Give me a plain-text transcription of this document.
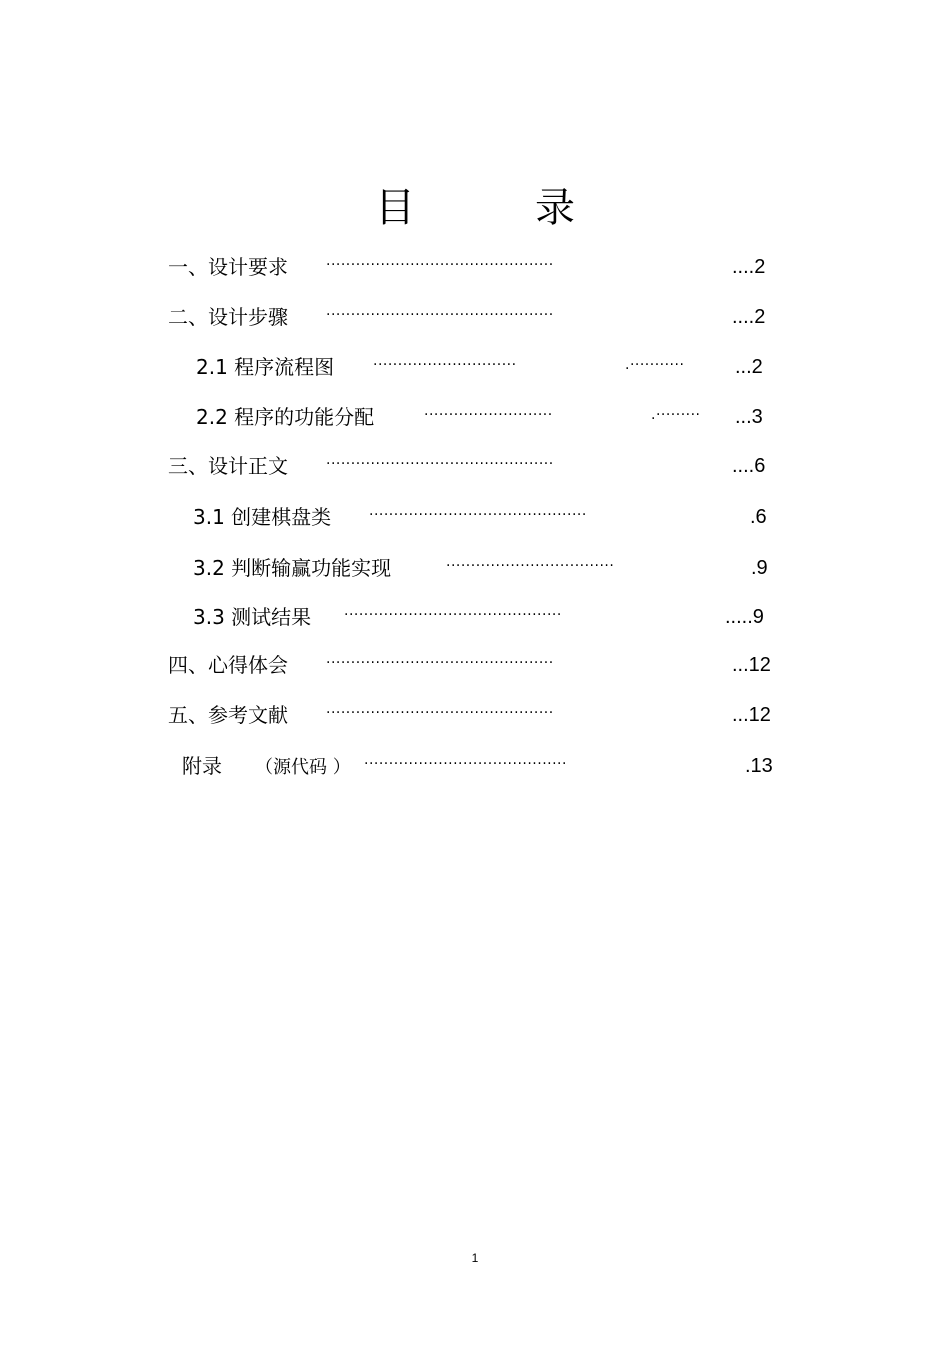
目　录
一、设计要求	··············································	....2
二、设计步骤	··············································	....2
2.1 程序流程图	·····························	.···········	...2
2.2 程序的功能分配	··························	.········· ...3
三、设计正文	··············································	....6
3.1 创建棋盘类	············································	.6
3.2 判断输赢功能实现	··································	.9
3.3 测试结果 ············································	.....9
四、心得体会	··············································	...12
五、参考文献	··············································	...12
附录 （源代码 ） ·········································	.13
1
